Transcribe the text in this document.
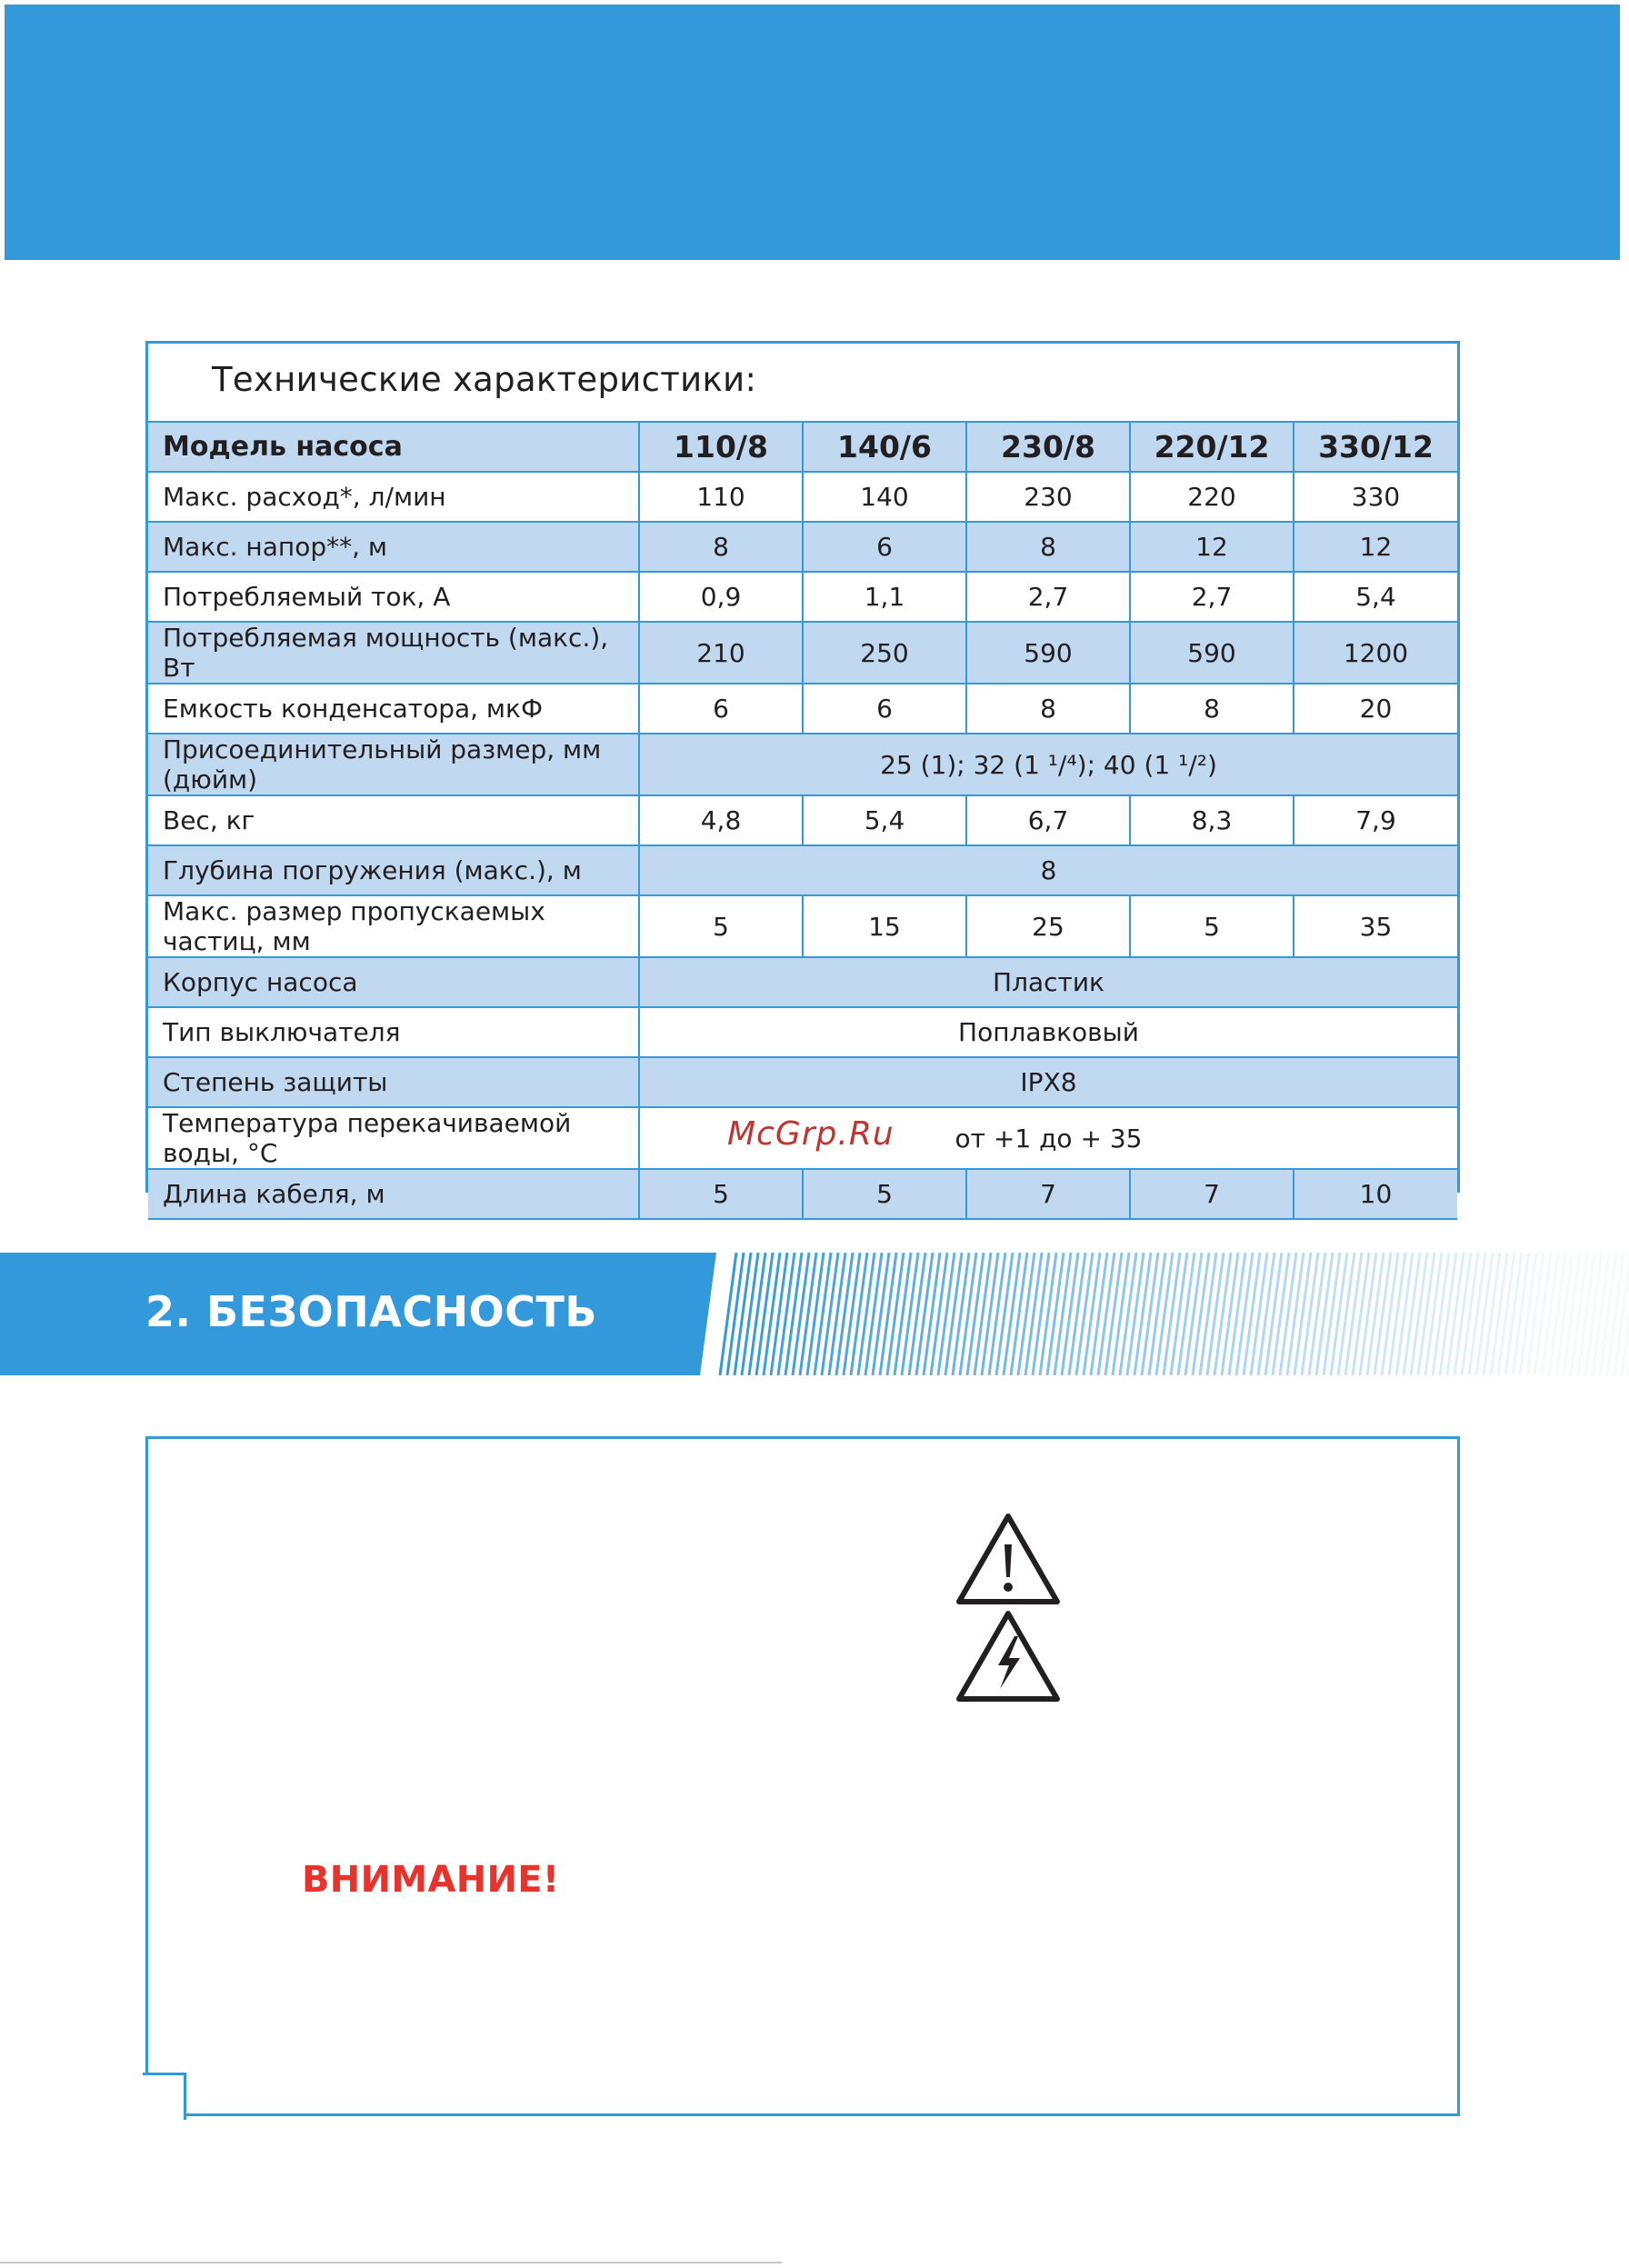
Технические характеристики:
Модель насоса	110/8	140/6	230/8	220/12	330/12
Макс. расход*, л/мин	110	140	230	220	330
Макс. напор**, м	8	6	8	12	12
Потребляемый ток, А	0,9	1,1	2,7	2,7	5,4
Потребляемая мощность (макс.), Вт	210	250	590	590	1200
Емкость конденсатора, мкФ	6	6	8	8	20
Присоединительный размер, мм (дюйм)	25 (1); 32 (1 ¹/⁴); 40 (1 ¹/²)				
Вес, кг	4,8	5,4	6,7	8,3	7,9
Глубина погружения (макс.), м	8				
Макс. размер пропускаемых частиц, мм	5	15	25	5	35
Корпус насоса	Пластик				
Тип выключателя	Поплавковый				
Степень защиты	IPX8				
Температура перекачиваемой воды, °С	от +1 до + 35				
Длина кабеля, м	5	5	7	7	10
McGrp.Ru
2. БЕЗОПАСНОСТЬ
ВНИМАНИЕ!
